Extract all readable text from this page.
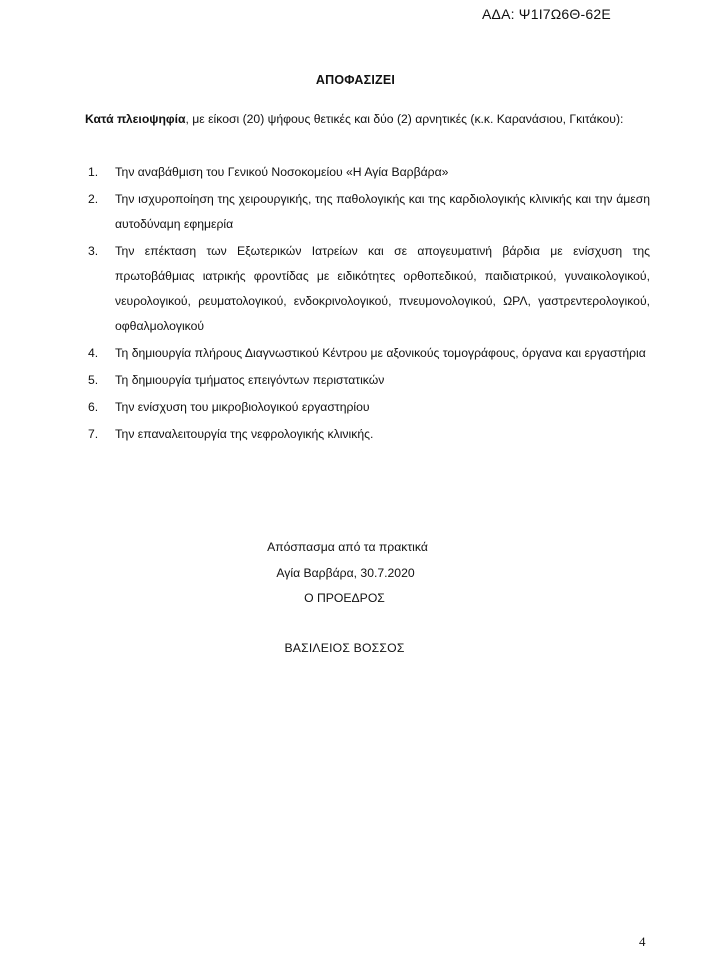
ΑΔΑ: Ψ1Ι7Ω6Θ-62Ε
ΑΠΟΦΑΣΙΖΕΙ
Κατά πλειοψηφία, με είκοσι (20) ψήφους θετικές και δύο (2) αρνητικές (κ.κ. Καρανάσιου, Γκιτάκου):
1.	Την αναβάθμιση του Γενικού Νοσοκομείου «Η Αγία Βαρβάρα»
2.	Την ισχυροποίηση της χειρουργικής, της παθολογικής και της καρδιολογικής κλινικής και την άμεση αυτοδύναμη εφημερία
3.	Την επέκταση των Εξωτερικών Ιατρείων και σε απογευματινή βάρδια με ενίσχυση της πρωτοβάθμιας ιατρικής φροντίδας με ειδικότητες ορθοπεδικού, παιδιατρικού, γυναικολογικού, νευρολογικού, ρευματολογικού, ενδοκρινολογικού, πνευμονολογικού, ΩΡΛ, γαστρεντερολογικού, οφθαλμολογικού
4.	Τη δημιουργία πλήρους Διαγνωστικού Κέντρου με αξονικούς τομογράφους, όργανα και εργαστήρια
5.	Τη δημιουργία τμήματος επειγόντων περιστατικών
6.	Την ενίσχυση του μικροβιολογικού εργαστηρίου
7.	Την επαναλειτουργία της νεφρολογικής κλινικής.
Απόσπασμα από τα πρακτικά
Αγία Βαρβάρα, 30.7.2020
Ο ΠΡΟΕΔΡΟΣ
ΒΑΣΙΛΕΙΟΣ ΒΟΣΣΟΣ
4
